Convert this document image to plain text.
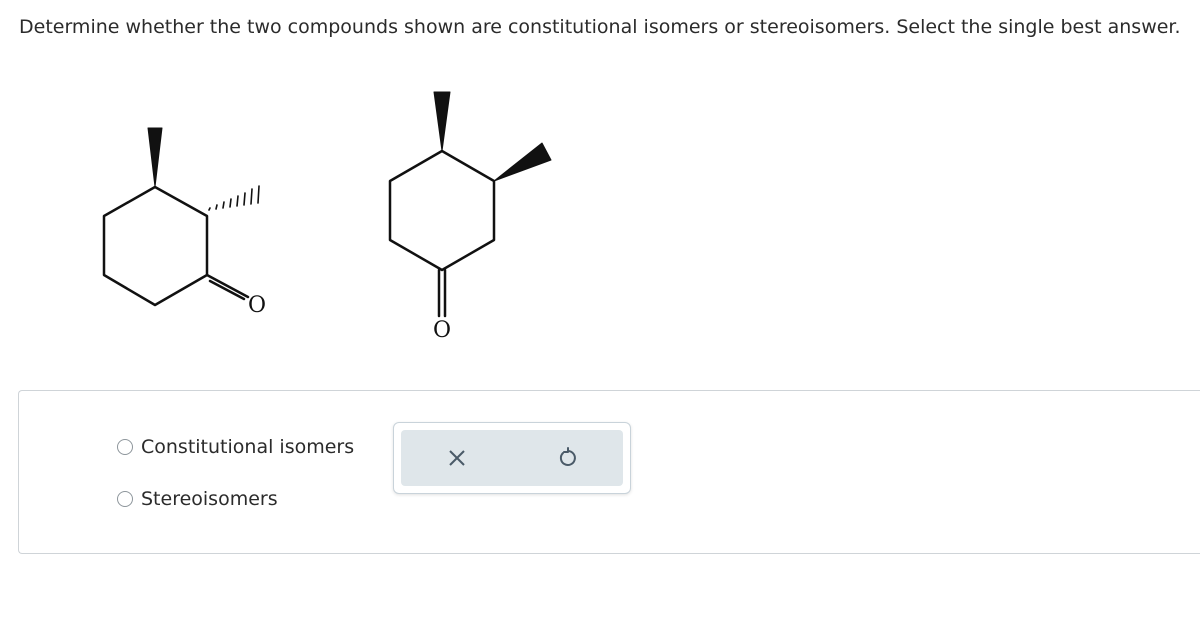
Determine whether the two compounds shown are constitutional isomers or stereoisomers. Select the single best answer.
O
O
Constitutional isomers
Stereoisomers
